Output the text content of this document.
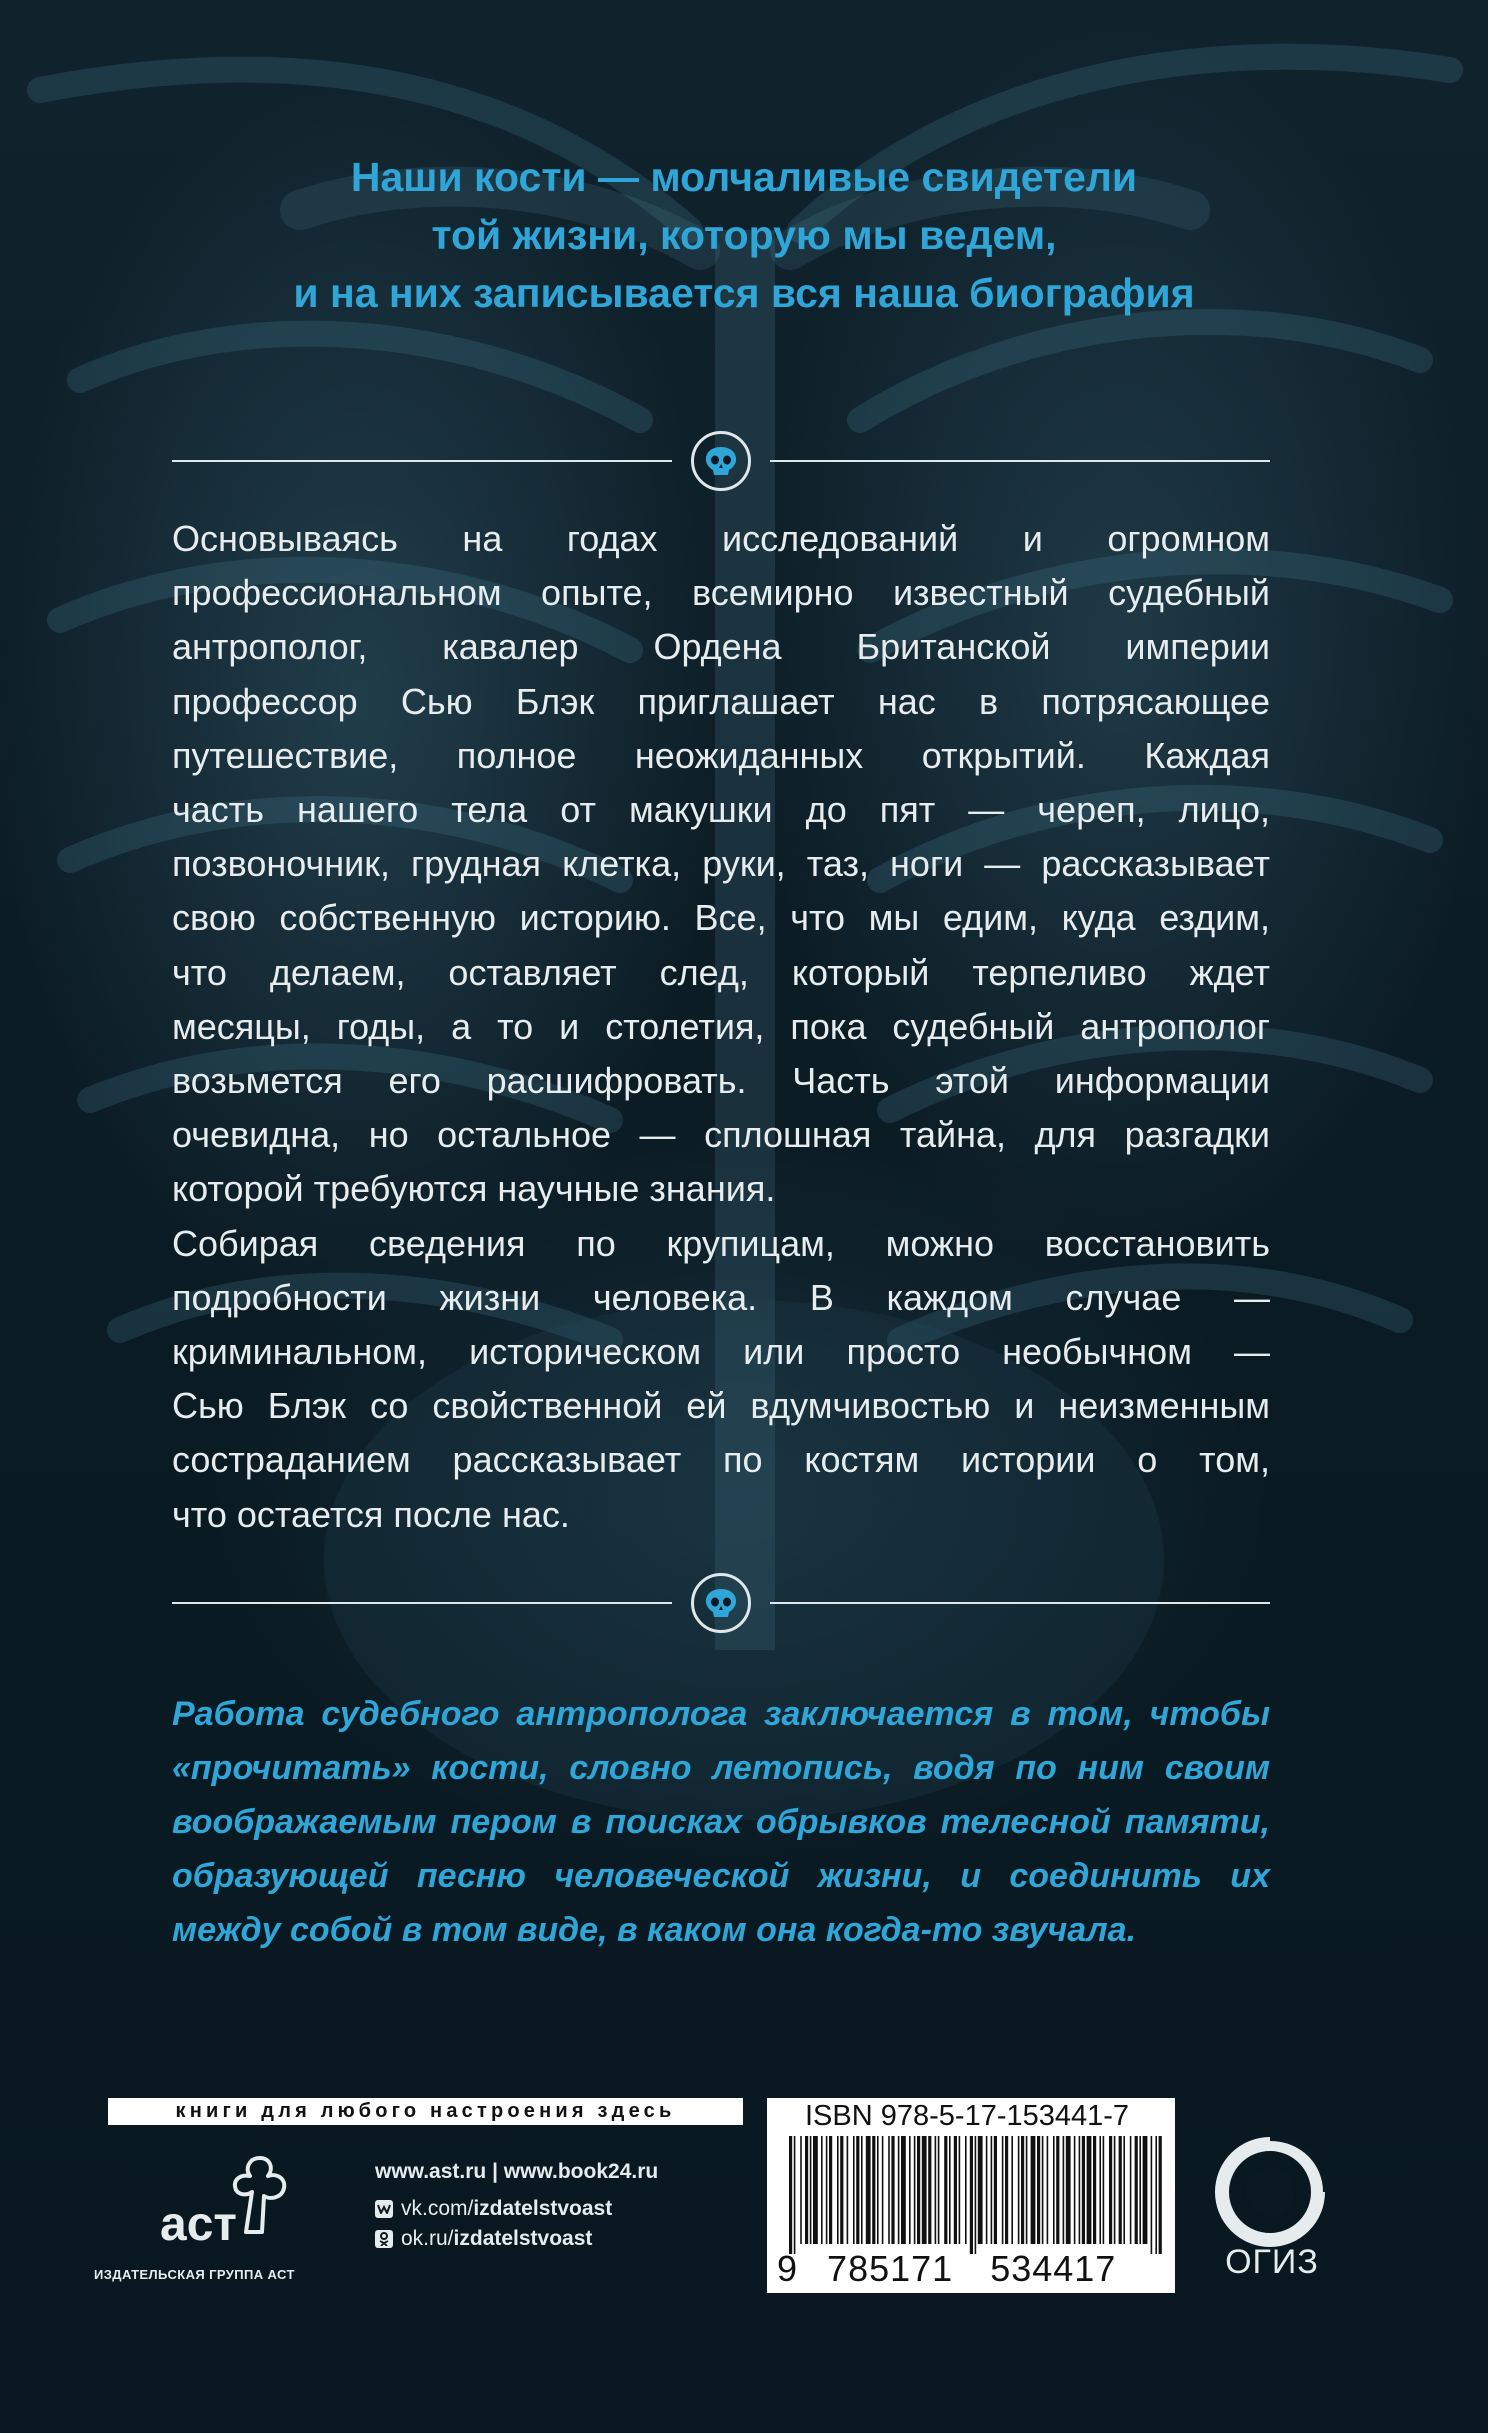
Наши кости — молчаливые свидетели
той жизни, которую мы ведем,
и на них записывается вся наша биография
Основываясь на годах исследований и огромном
профессиональном опыте, всемирно известный судебный
антрополог, кавалер Ордена Британской империи
профессор Сью Блэк приглашает нас в потрясающее
путешествие, полное неожиданных открытий. Каждая
часть нашего тела от макушки до пят — череп, лицо,
позвоночник, грудная клетка, руки, таз, ноги — рассказывает
свою собственную историю. Все, что мы едим, куда ездим,
что делаем, оставляет след, который терпеливо ждет
месяцы, годы, а то и столетия, пока судебный антрополог
возьмется его расшифровать. Часть этой информации
очевидна, но остальное — сплошная тайна, для разгадки
которой требуются научные знания.
Собирая сведения по крупицам, можно восстановить
подробности жизни человека. В каждом случае —
криминальном, историческом или просто необычном —
Сью Блэк со свойственной ей вдумчивостью и неизменным
состраданием рассказывает по костям истории о том,
что остается после нас.
Работа судебного антрополога заключается в том, чтобы
«прочитать» кости, словно летопись, водя по ним своим
воображаемым пером в поисках обрывков телесной памяти,
образующей песню человеческой жизни, и соединить их
между собой в том виде, в каком она когда-то звучала.
книги для любого настроения здесь
аст
ИЗДАТЕЛЬСКАЯ ГРУППА АСТ
www.ast.ru | www.book24.ru
vk.com/ izdatelstvoast
ok.ru/ izdatelstvoast
ISBN 978-5-17-153441-7
9 785171 534417	ОГИЗ
